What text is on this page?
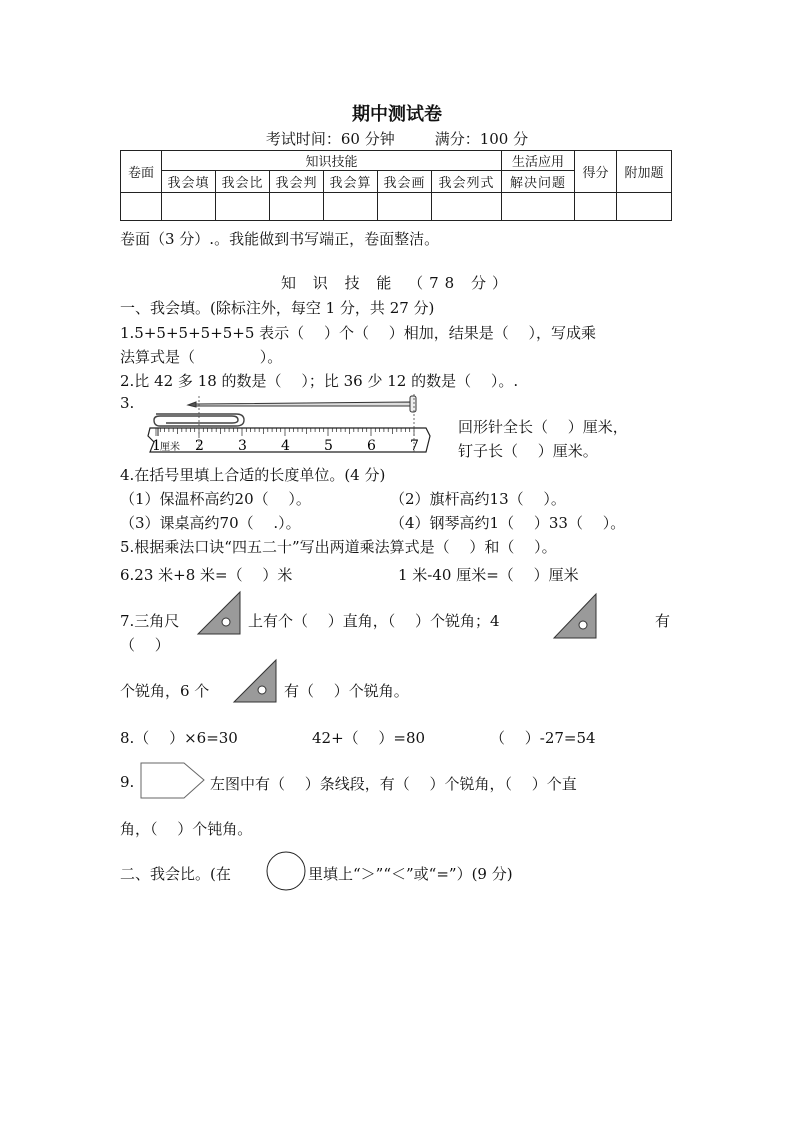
期中测试卷
考试时间：60 分钟	满分：100 分
卷面	知识技能						生活应用	得分	附加题
	我会填	我会比	我会判	我会算	我会画	我会列式	解决问题		

卷面（3 分）.。我能做到书写端正，卷面整洁。
知 识 技 能 （78 分）
一、我会填。(除标注外，每空 1 分，共 27 分)
1.5+5+5+5+5+5 表示（　 ）个（　 ）相加，结果是（　 ），写成乘
法算式是（　　　　 ）。
2.比 42 多 18 的数是（　 ）；比 36 少 12 的数是（　 ）。.
3.
2 3 4 5 6 7
1 厘米
回形针全长（　 ）厘米，
钉子长（　 ）厘米。
4.在括号里填上合适的长度单位。(4 分)
（1）保温杯高约20（　 ）。	（2）旗杆高约13（　 ）。
（3）课桌高约70（　 .）。	（4）钢琴高约1（　 ）33（　 ）。
5.根据乘法口诀“四五二十”写出两道乘法算式是（　 ）和（　 ）。
6.23 米+8 米=（　 ）米	1 米-40 厘米=（　 ）厘米
7.三角尺	上有个（　 ）直角，（　 ）个锐角；4	有
（　 ）
个锐角，6 个	有（　 ）个锐角。
8.（　 ）×6=30	42+（　 ）=80	（　 ）-27=54
9.	左图中有（　 ）条线段，有（　 ）个锐角，（　 ）个直
角，（　 ）个钝角。
二、我会比。(在	里填上“＞”“＜”或“=”）(9 分)
